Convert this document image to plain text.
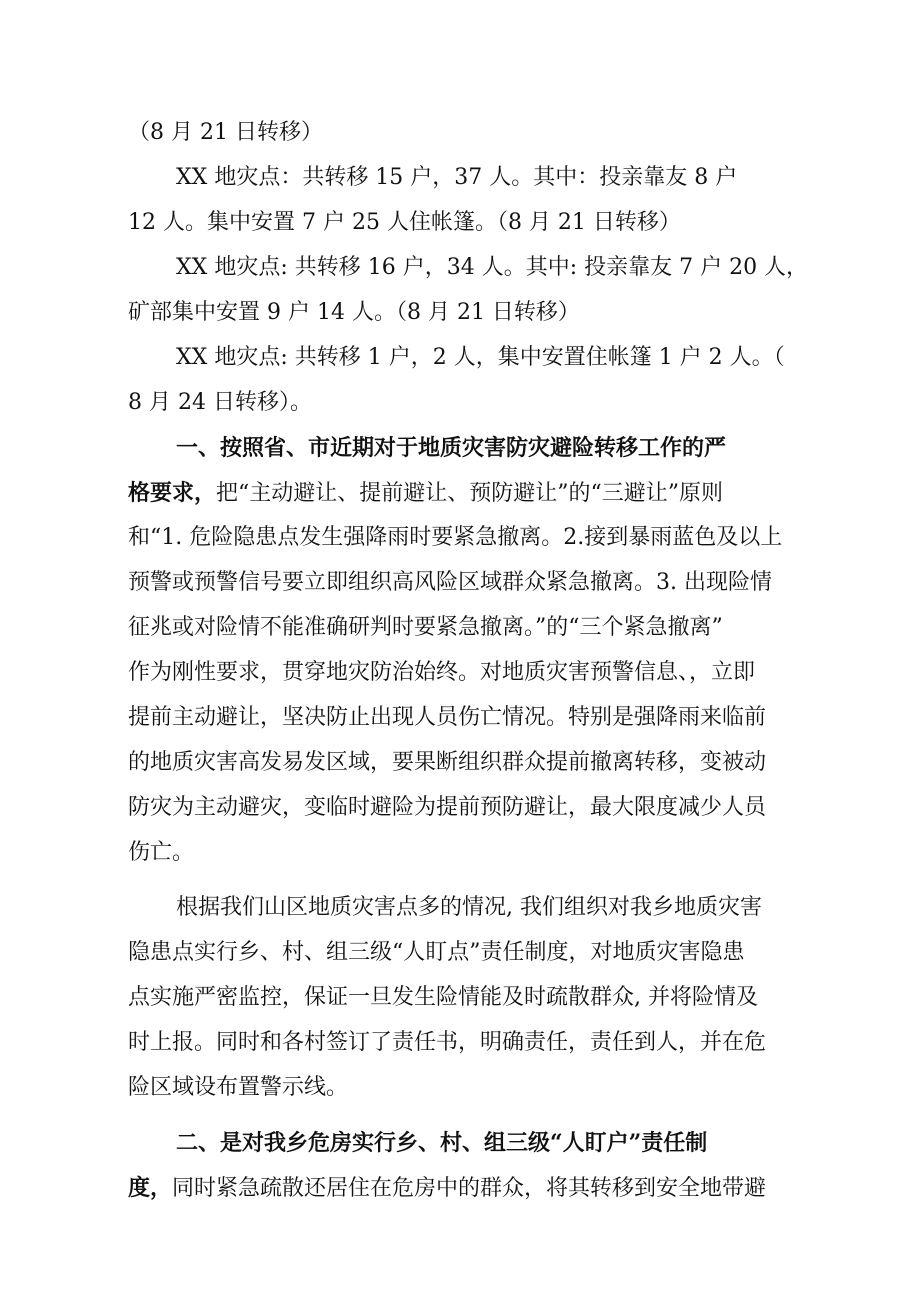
（8 月 21 日转移）
XX 地灾点：共转移 15 户，37 人。其中：投亲靠友 8 户
12 人。集中安置 7 户 25 人住帐篷。（8 月 21 日转移）
XX 地灾点: 共转移 16 户，34 人。其中: 投亲靠友 7 户 20 人，
矿部集中安置 9 户 14 人。（8 月 21 日转移）
XX 地灾点: 共转移 1 户，2 人，集中安置住帐篷 1 户 2 人。（
8 月 24 日转移）。
一、按照省、市近期对于地质灾害防灾避险转移工作的严
格要求，把“主动避让、提前避让、预防避让”的“三避让”原则
和“1. 危险隐患点发生强降雨时要紧急撤离。2.接到暴雨蓝色及以上
预警或预警信号要立即组织高风险区域群众紧急撤离。3. 出现险情
征兆或对险情不能准确研判时要紧急撤离。”的“三个紧急撤离”
作为刚性要求，贯穿地灾防治始终。对地质灾害预警信息、，立即
提前主动避让，坚决防止出现人员伤亡情况。特别是强降雨来临前
的地质灾害高发易发区域，要果断组织群众提前撤离转移，变被动
防灾为主动避灾，变临时避险为提前预防避让，最大限度减少人员
伤亡。
根据我们山区地质灾害点多的情况, 我们组织对我乡地质灾害
隐患点实行乡、村、组三级“人盯点”责任制度，对地质灾害隐患
点实施严密监控，保证一旦发生险情能及时疏散群众, 并将险情及
时上报。同时和各村签订了责任书，明确责任，责任到人，并在危
险区域设布置警示线。
二、是对我乡危房实行乡、村、组三级“人盯户”责任制
度，同时紧急疏散还居住在危房中的群众，将其转移到安全地带避
